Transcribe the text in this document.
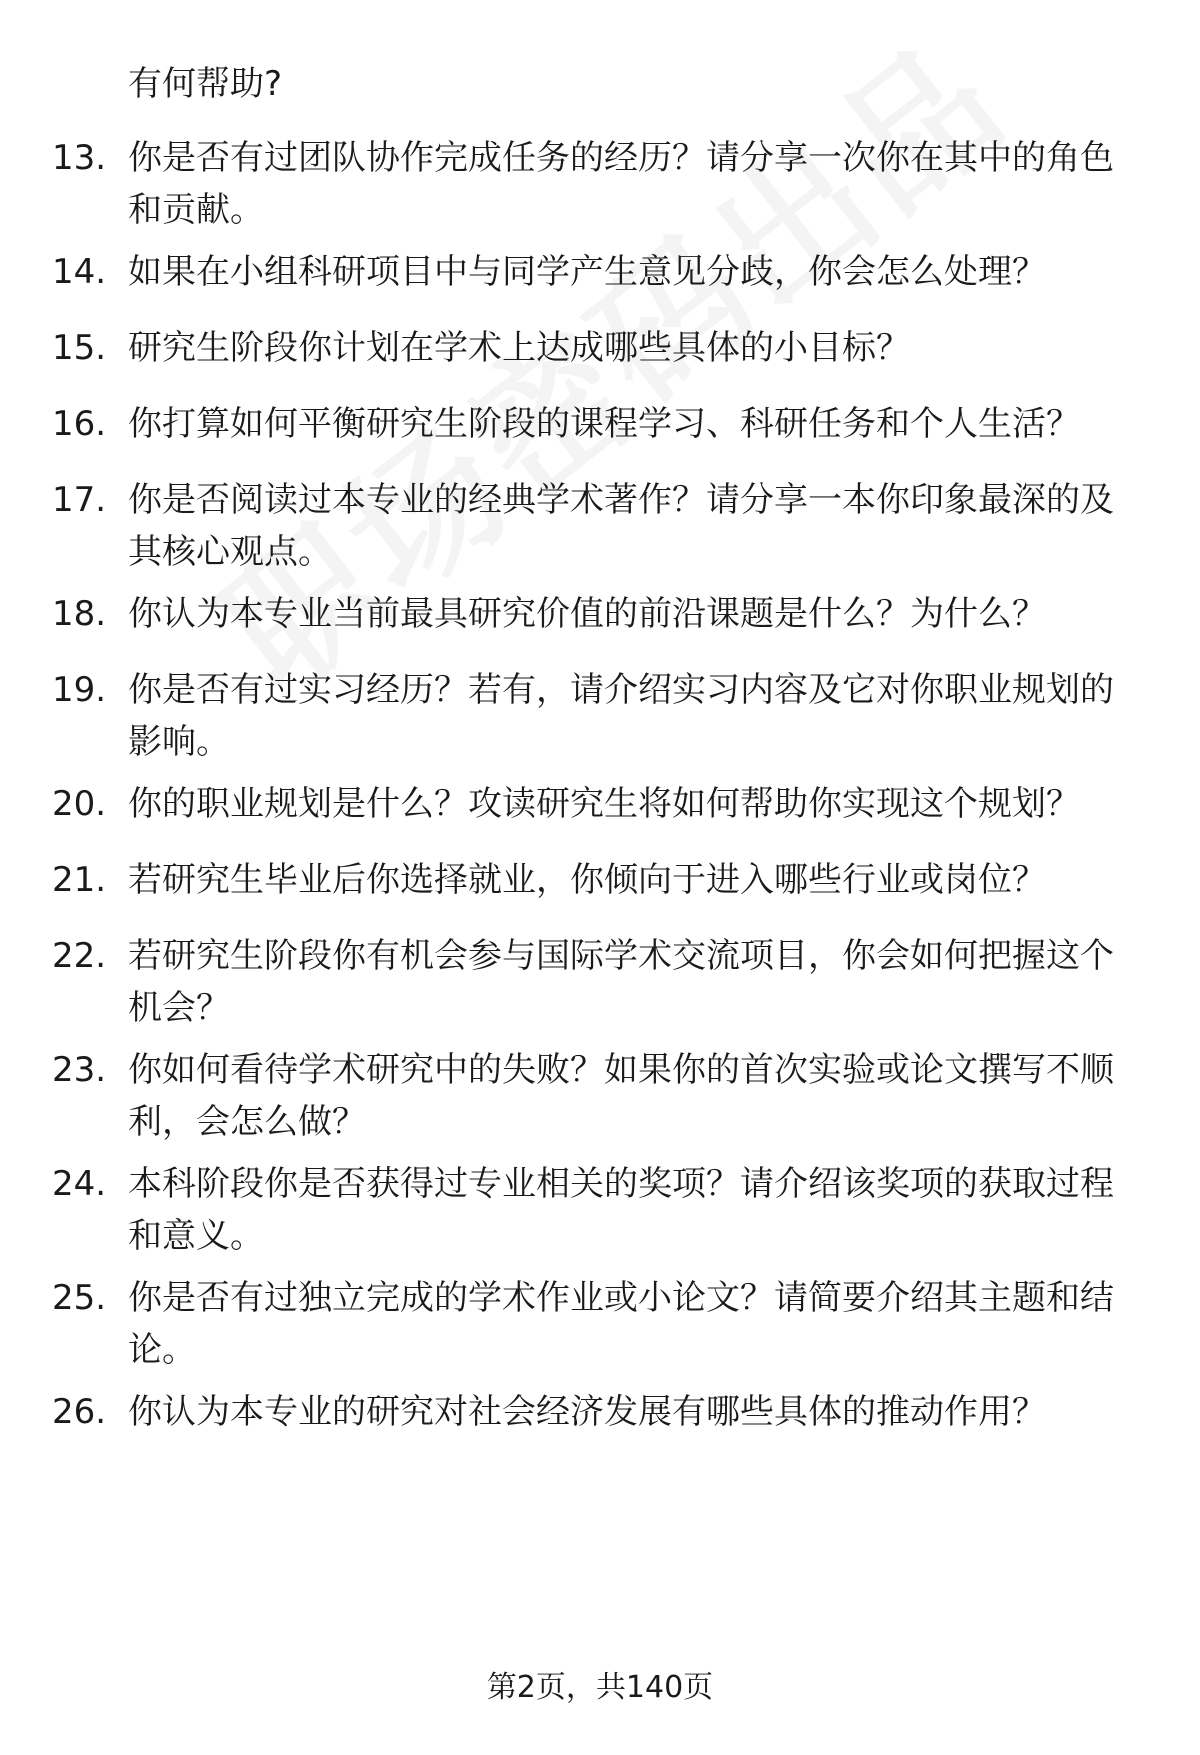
有何帮助?
13. 你是否有过团队协作完成任务的经历？请分享一次你在其中的角色和贡献。
14. 如果在小组科研项目中与同学产生意见分歧，你会怎么处理？
15. 研究生阶段你计划在学术上达成哪些具体的小目标？
16. 你打算如何平衡研究生阶段的课程学习、科研任务和个人生活？
17. 你是否阅读过本专业的经典学术著作？请分享一本你印象最深的及其核心观点。
18. 你认为本专业当前最具研究价值的前沿课题是什么？为什么？
19. 你是否有过实习经历？若有，请介绍实习内容及它对你职业规划的影响。
20. 你的职业规划是什么？攻读研究生将如何帮助你实现这个规划？
21. 若研究生毕业后你选择就业，你倾向于进入哪些行业或岗位？
22. 若研究生阶段你有机会参与国际学术交流项目，你会如何把握这个机会？
23. 你如何看待学术研究中的失败？如果你的首次实验或论文撰写不顺利，会怎么做？
24. 本科阶段你是否获得过专业相关的奖项？请介绍该奖项的获取过程和意义。
25. 你是否有过独立完成的学术作业或小论文？请简要介绍其主题和结论。
26. 你认为本专业的研究对社会经济发展有哪些具体的推动作用？
第2页，共140页
